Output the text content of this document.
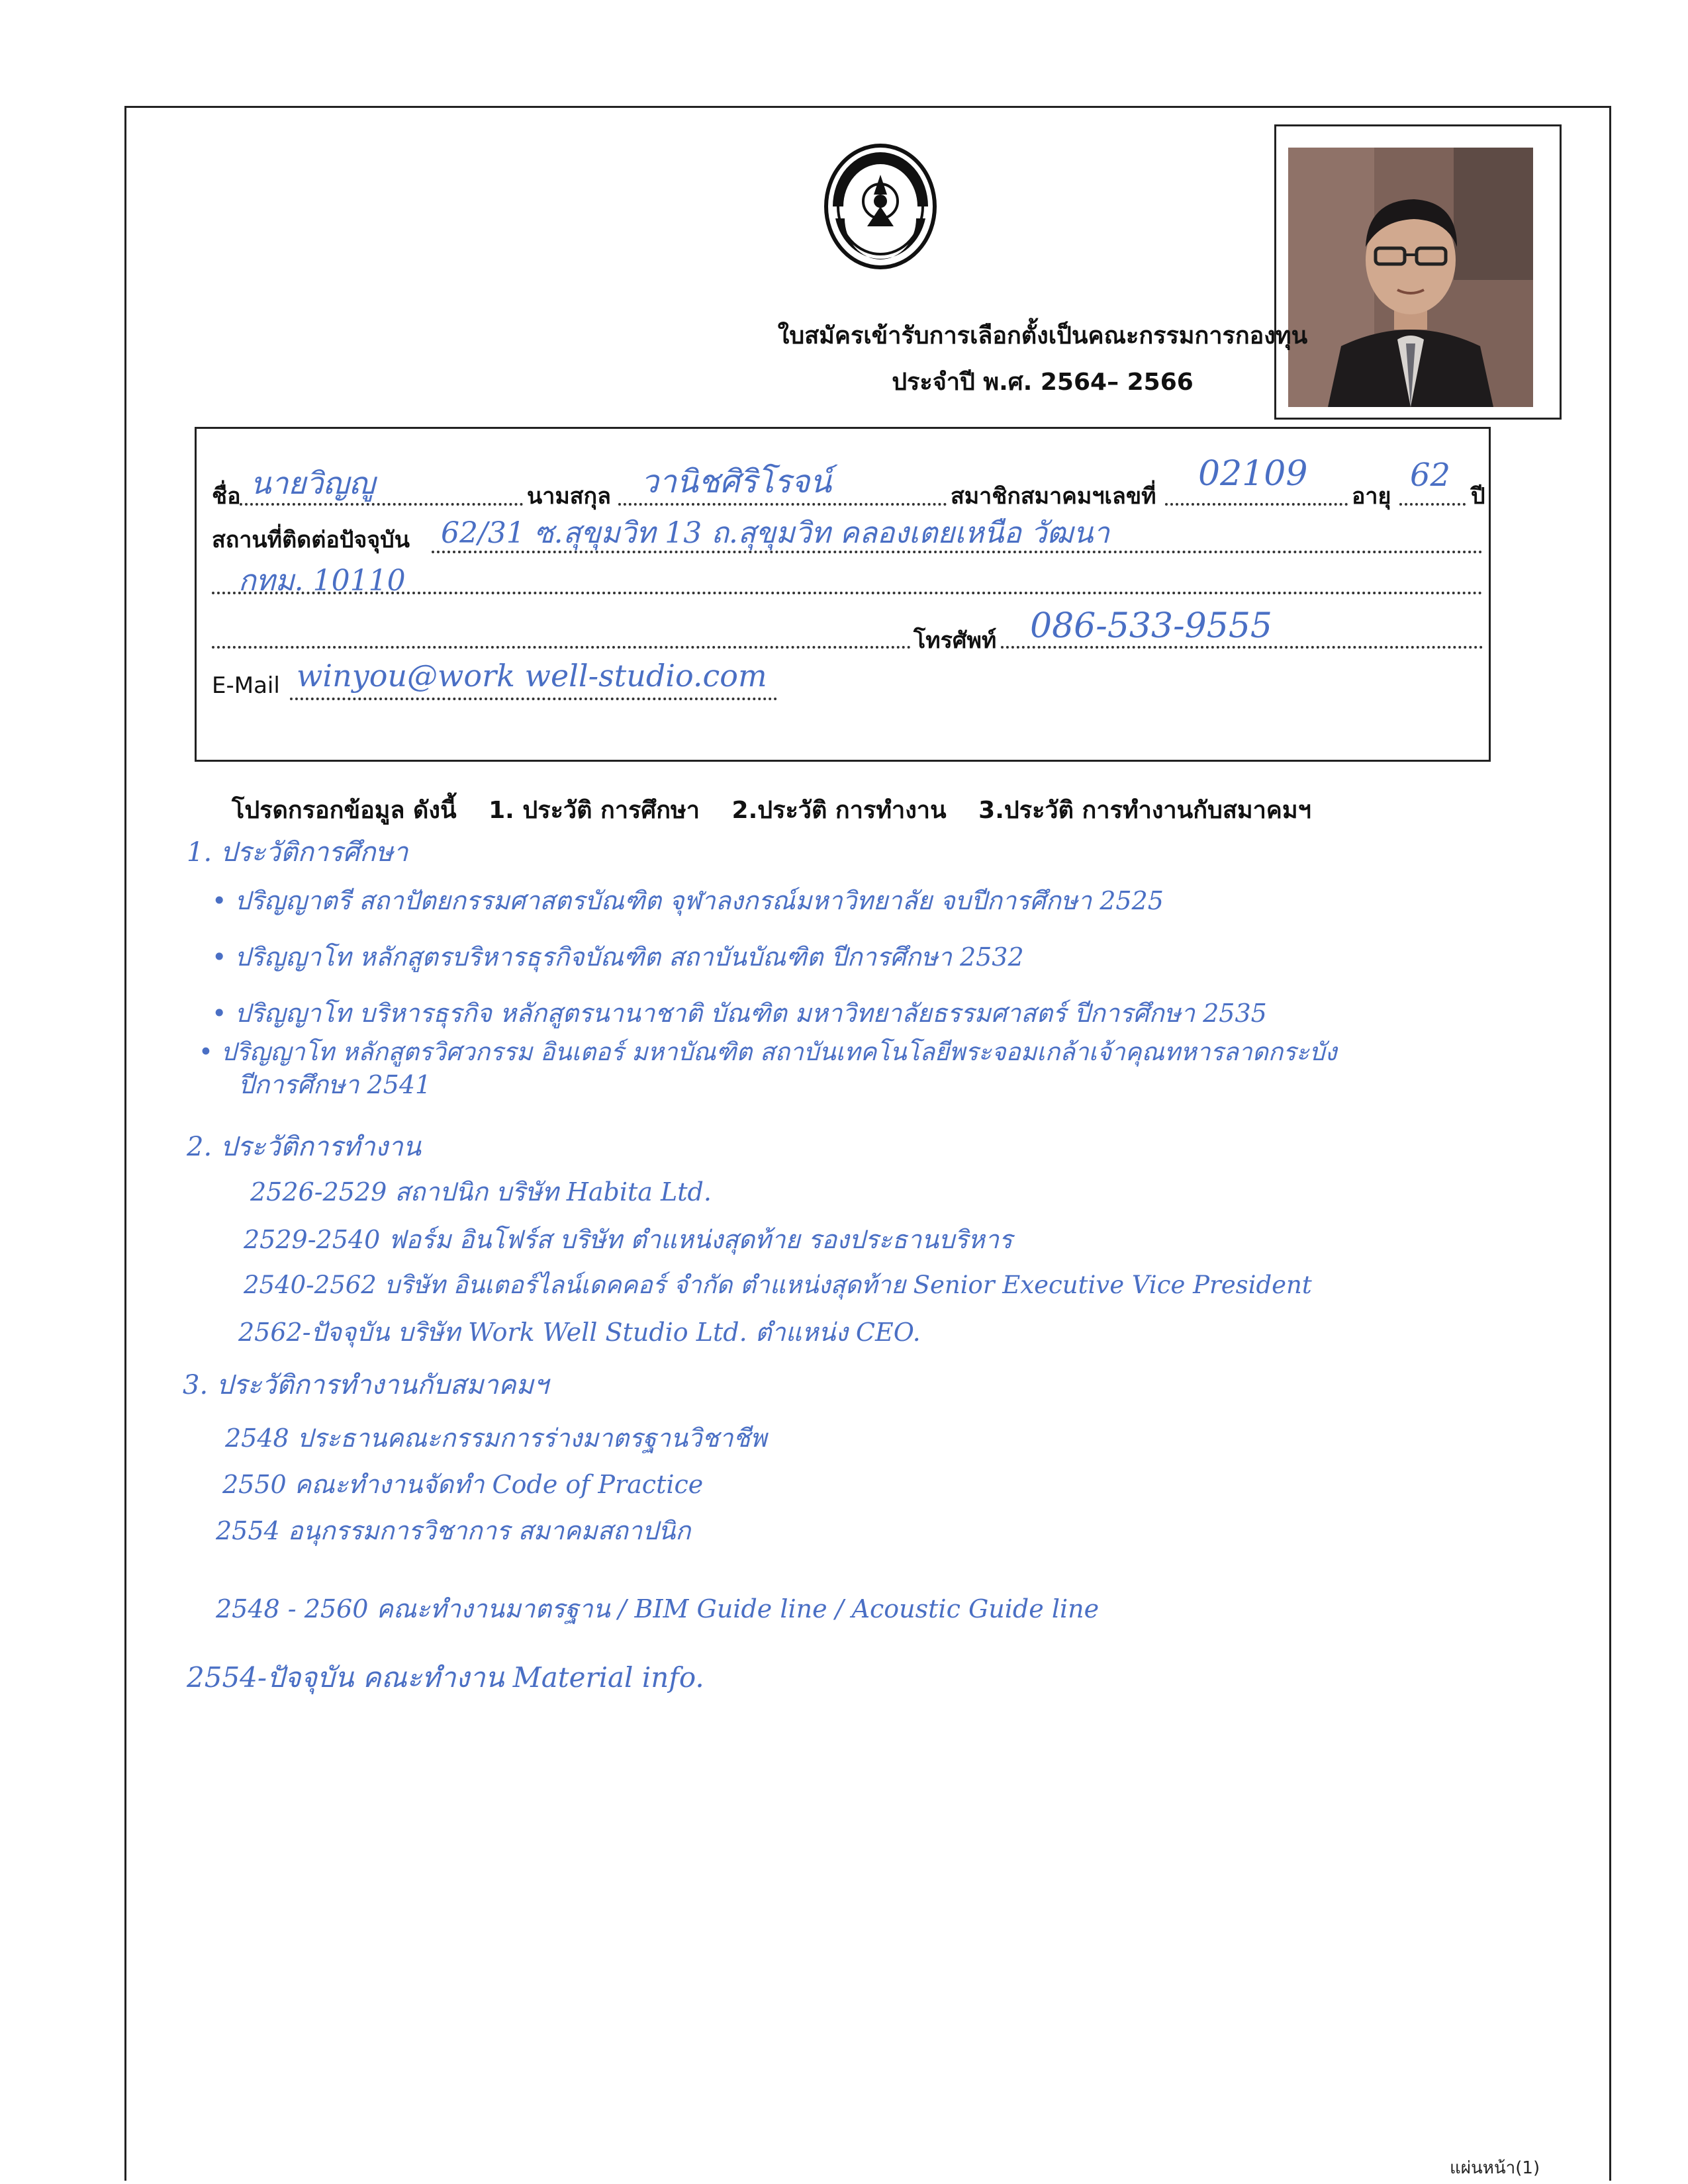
ใบสมัครเข้ารับการเลือกตั้งเป็นคณะกรรมการกองทุน
ประจำปี พ.ศ. 2564– 2566
ชื่อ นายวิญญู	นามสกุล วานิชศิริโรจน์	สมาชิกสมาคมฯเลขที่
02109
อายุ
62
ปี
สถานที่ติดต่อปัจจุบัน 62/31 ซ.สุขุมวิท 13 ถ.สุขุมวิท คลองเตยเหนือ วัฒนา
กทม. 10110
โทรศัพท์ 086-533-9555
E-Mail winyou@work well-studio.com
โปรดกรอกข้อมูล ดังนี้ 1. ประวัติ การศึกษา 2.ประวัติ การทำงาน 3.ประวัติ การทำงานกับสมาคมฯ
1. ประวัติการศึกษา
• ปริญญาตรี สถาปัตยกรรมศาสตรบัณฑิต จุฬาลงกรณ์มหาวิทยาลัย จบปีการศึกษา 2525
• ปริญญาโท หลักสูตรบริหารธุรกิจบัณฑิต สถาบันบัณฑิต ปีการศึกษา 2532
• ปริญญาโท บริหารธุรกิจ หลักสูตรนานาชาติ บัณฑิต มหาวิทยาลัยธรรมศาสตร์ ปีการศึกษา 2535
• ปริญญาโท หลักสูตรวิศวกรรม อินเตอร์ มหาบัณฑิต สถาบันเทคโนโลยีพระจอมเกล้าเจ้าคุณทหารลาดกระบัง
ปีการศึกษา 2541
2. ประวัติการทำงาน
2526-2529 สถาปนิก บริษัท Habita Ltd.
2529-2540 ฟอร์ม อินโฟร์ส บริษัท ตำแหน่งสุดท้าย รองประธานบริหาร
2540-2562 บริษัท อินเตอร์ไลน์เดคคอร์ จำกัด ตำแหน่งสุดท้าย Senior Executive Vice President
2562-ปัจจุบัน บริษัท Work Well Studio Ltd. ตำแหน่ง CEO.
3. ประวัติการทำงานกับสมาคมฯ
2548 ประธานคณะกรรมการร่างมาตรฐานวิชาชีพ
2550 คณะทำงานจัดทำ Code of Practice
2554 อนุกรรมการวิชาการ สมาคมสถาปนิก
2548 - 2560 คณะทำงานมาตรฐาน / BIM Guide line / Acoustic Guide line
2554-ปัจจุบัน คณะทำงาน Material info.
แผ่นหน้า(1)
